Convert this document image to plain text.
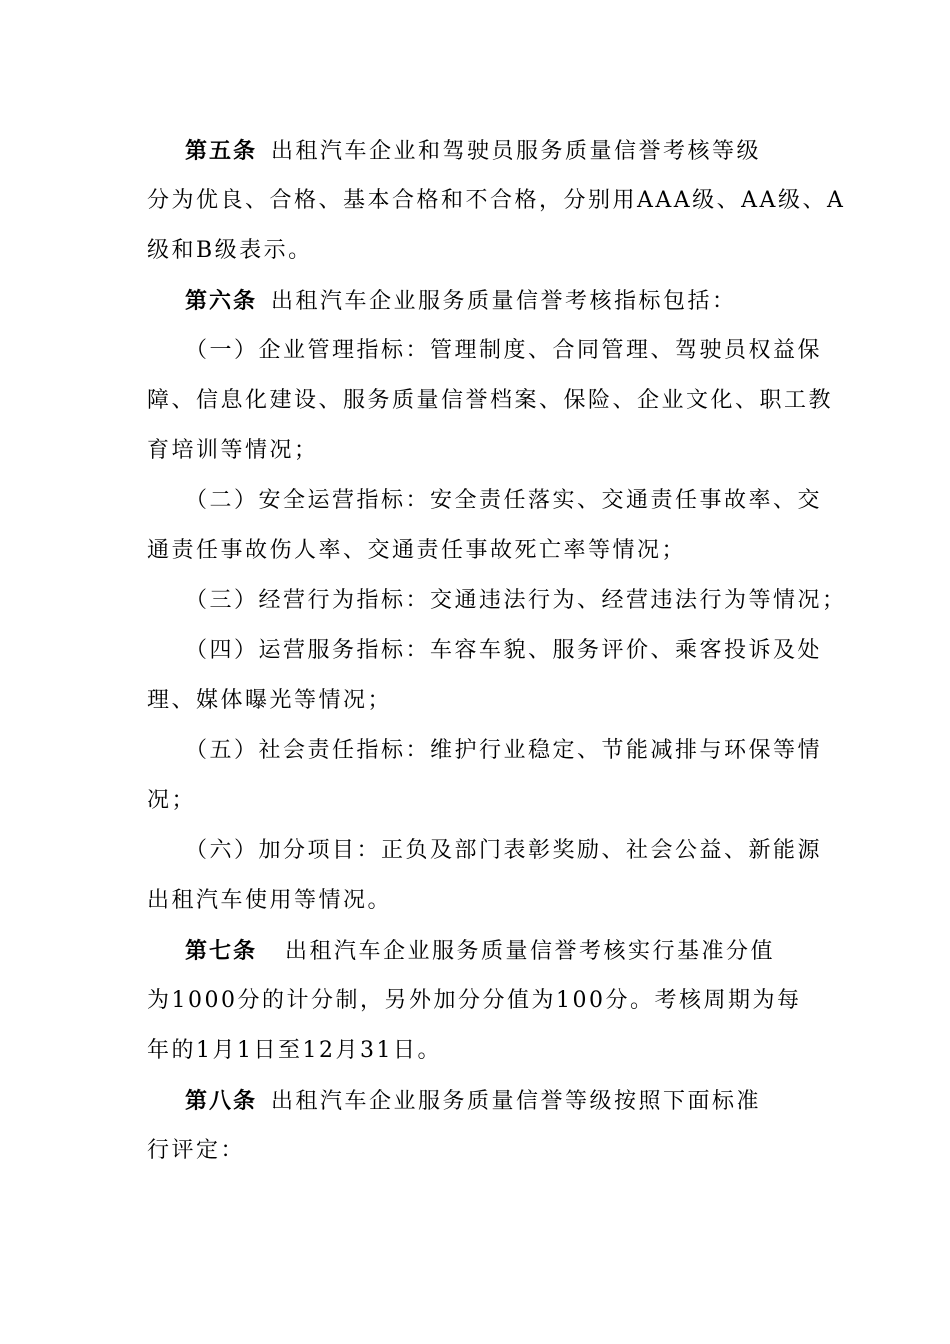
第五条 出租汽车企业和驾驶员服务质量信誉考核等级
分为优良、合格、基本合格和不合格，分别用AAA级、AA级、A
级和B级表示。
第六条 出租汽车企业服务质量信誉考核指标包括：
（一）企业管理指标：管理制度、合同管理、驾驶员权益保
障、信息化建设、服务质量信誉档案、保险、企业文化、职工教
育培训等情况；
（二）安全运营指标：安全责任落实、交通责任事故率、交
通责任事故伤人率、交通责任事故死亡率等情况；
（三）经营行为指标：交通违法行为、经营违法行为等情况；
（四）运营服务指标：车容车貌、服务评价、乘客投诉及处
理、媒体曝光等情况；
（五）社会责任指标：维护行业稳定、节能减排与环保等情
况；
（六）加分项目：正负及部门表彰奖励、社会公益、新能源
出租汽车使用等情况。
第七条 出租汽车企业服务质量信誉考核实行基准分值
为1000分的计分制，另外加分分值为100分。考核周期为每
年的1月1日至12月31日。
第八条 出租汽车企业服务质量信誉等级按照下面标准
行评定：
